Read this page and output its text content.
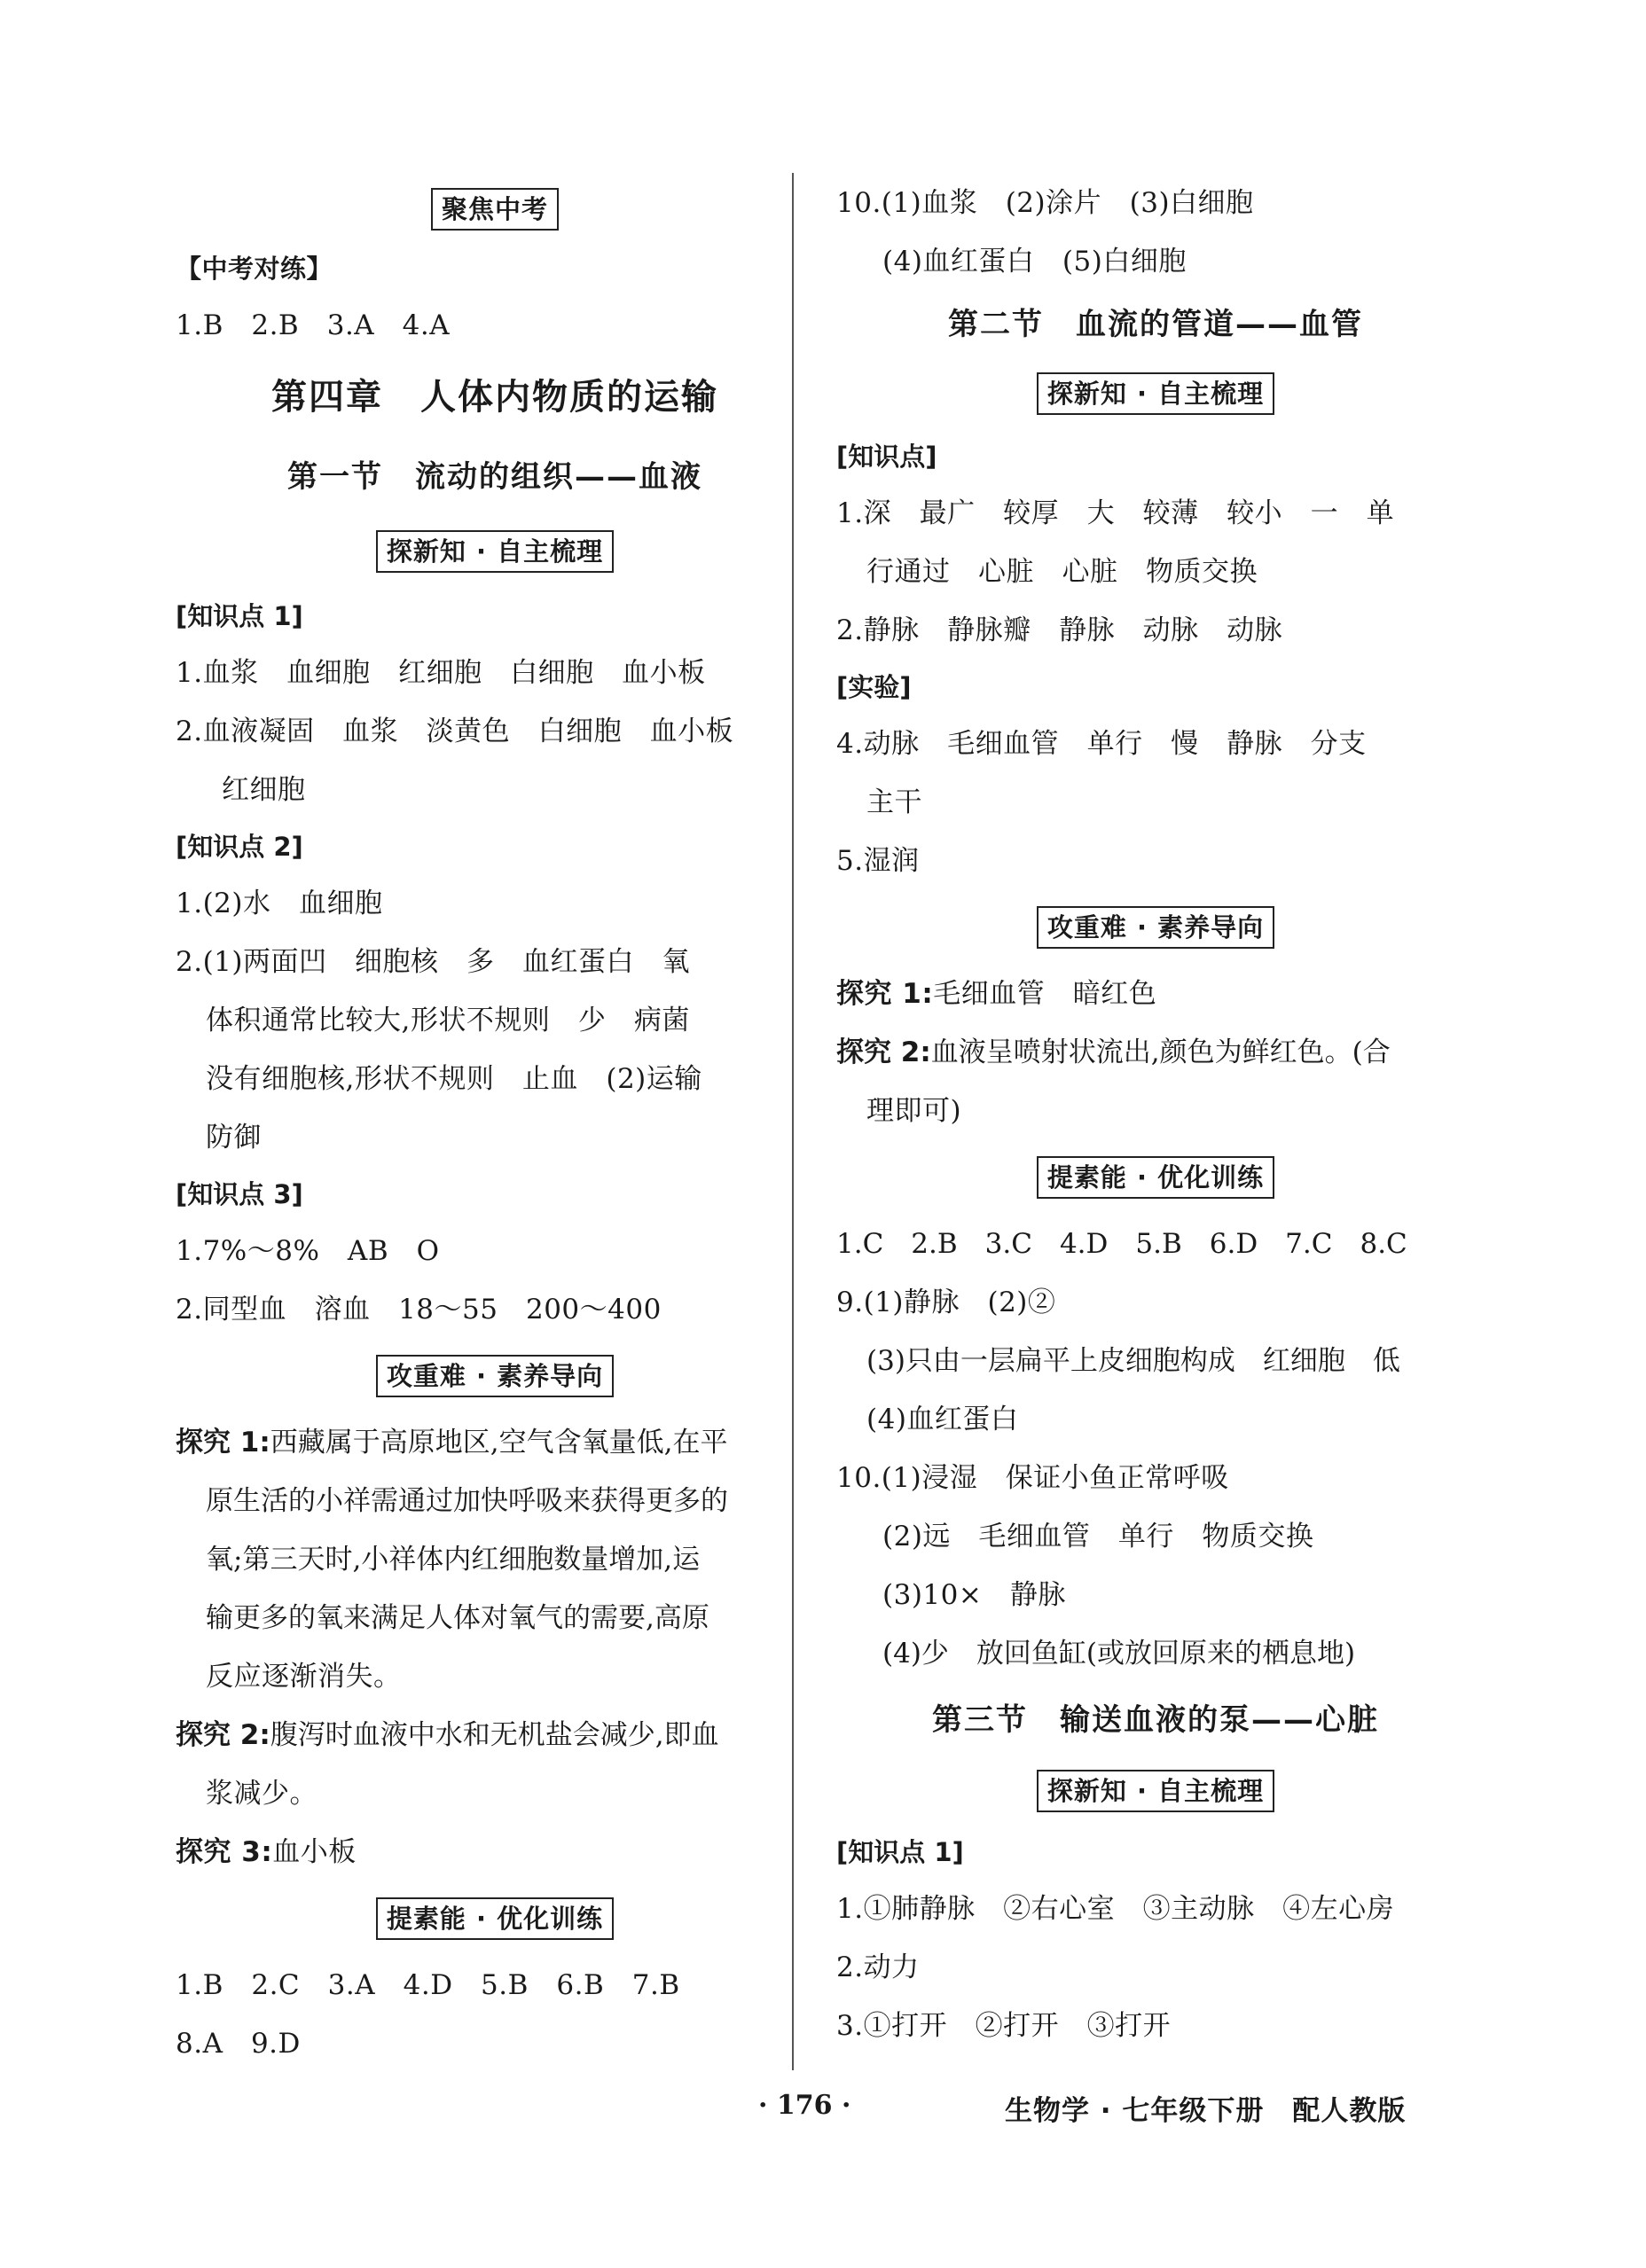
聚焦中考
【中考对练】
1.B　2.B　3.A　4.A
第四章　人体内物质的运输
第一节　流动的组织——血液
探新知 · 自主梳理
[知识点 1]
1.血浆　血细胞　红细胞　白细胞　血小板
2.血液凝固　血浆　淡黄色　白细胞　血小板
红细胞
[知识点 2]
1.(2)水　血细胞
2.(1)两面凹　细胞核　多　血红蛋白　氧
体积通常比较大,形状不规则　少　病菌
没有细胞核,形状不规则　止血　(2)运输
防御
[知识点 3]
1.7%～8%　AB　O
2.同型血　溶血　18～55　200～400
攻重难 · 素养导向
探究 1:西藏属于高原地区,空气含氧量低,在平
原生活的小祥需通过加快呼吸来获得更多的
氧;第三天时,小祥体内红细胞数量增加,运
输更多的氧来满足人体对氧气的需要,高原
反应逐渐消失。
探究 2:腹泻时血液中水和无机盐会减少,即血
浆减少。
探究 3:血小板
提素能 · 优化训练
1.B　2.C　3.A　4.D　5.B　6.B　7.B
8.A　9.D
10.(1)血浆　(2)涂片　(3)白细胞
(4)血红蛋白　(5)白细胞
第二节　血流的管道——血管
探新知 · 自主梳理
[知识点]
1.深　最广　较厚　大　较薄　较小　一　单
行通过　心脏　心脏　物质交换
2.静脉　静脉瓣　静脉　动脉　动脉
[实验]
4.动脉　毛细血管　单行　慢　静脉　分支
主干
5.湿润
攻重难 · 素养导向
探究 1:毛细血管　暗红色
探究 2:血液呈喷射状流出,颜色为鲜红色。(合
理即可)
提素能 · 优化训练
1.C　2.B　3.C　4.D　5.B　6.D　7.C　8.C
9.(1)静脉　(2)②
(3)只由一层扁平上皮细胞构成　红细胞　低
(4)血红蛋白
10.(1)浸湿　保证小鱼正常呼吸
(2)远　毛细血管　单行　物质交换
(3)10×　静脉
(4)少　放回鱼缸(或放回原来的栖息地)
第三节　输送血液的泵——心脏
探新知 · 自主梳理
[知识点 1]
1.①肺静脉　②右心室　③主动脉　④左心房
2.动力
3.①打开　②打开　③打开
· 176 ·	生物学 · 七年级下册　配人教版
